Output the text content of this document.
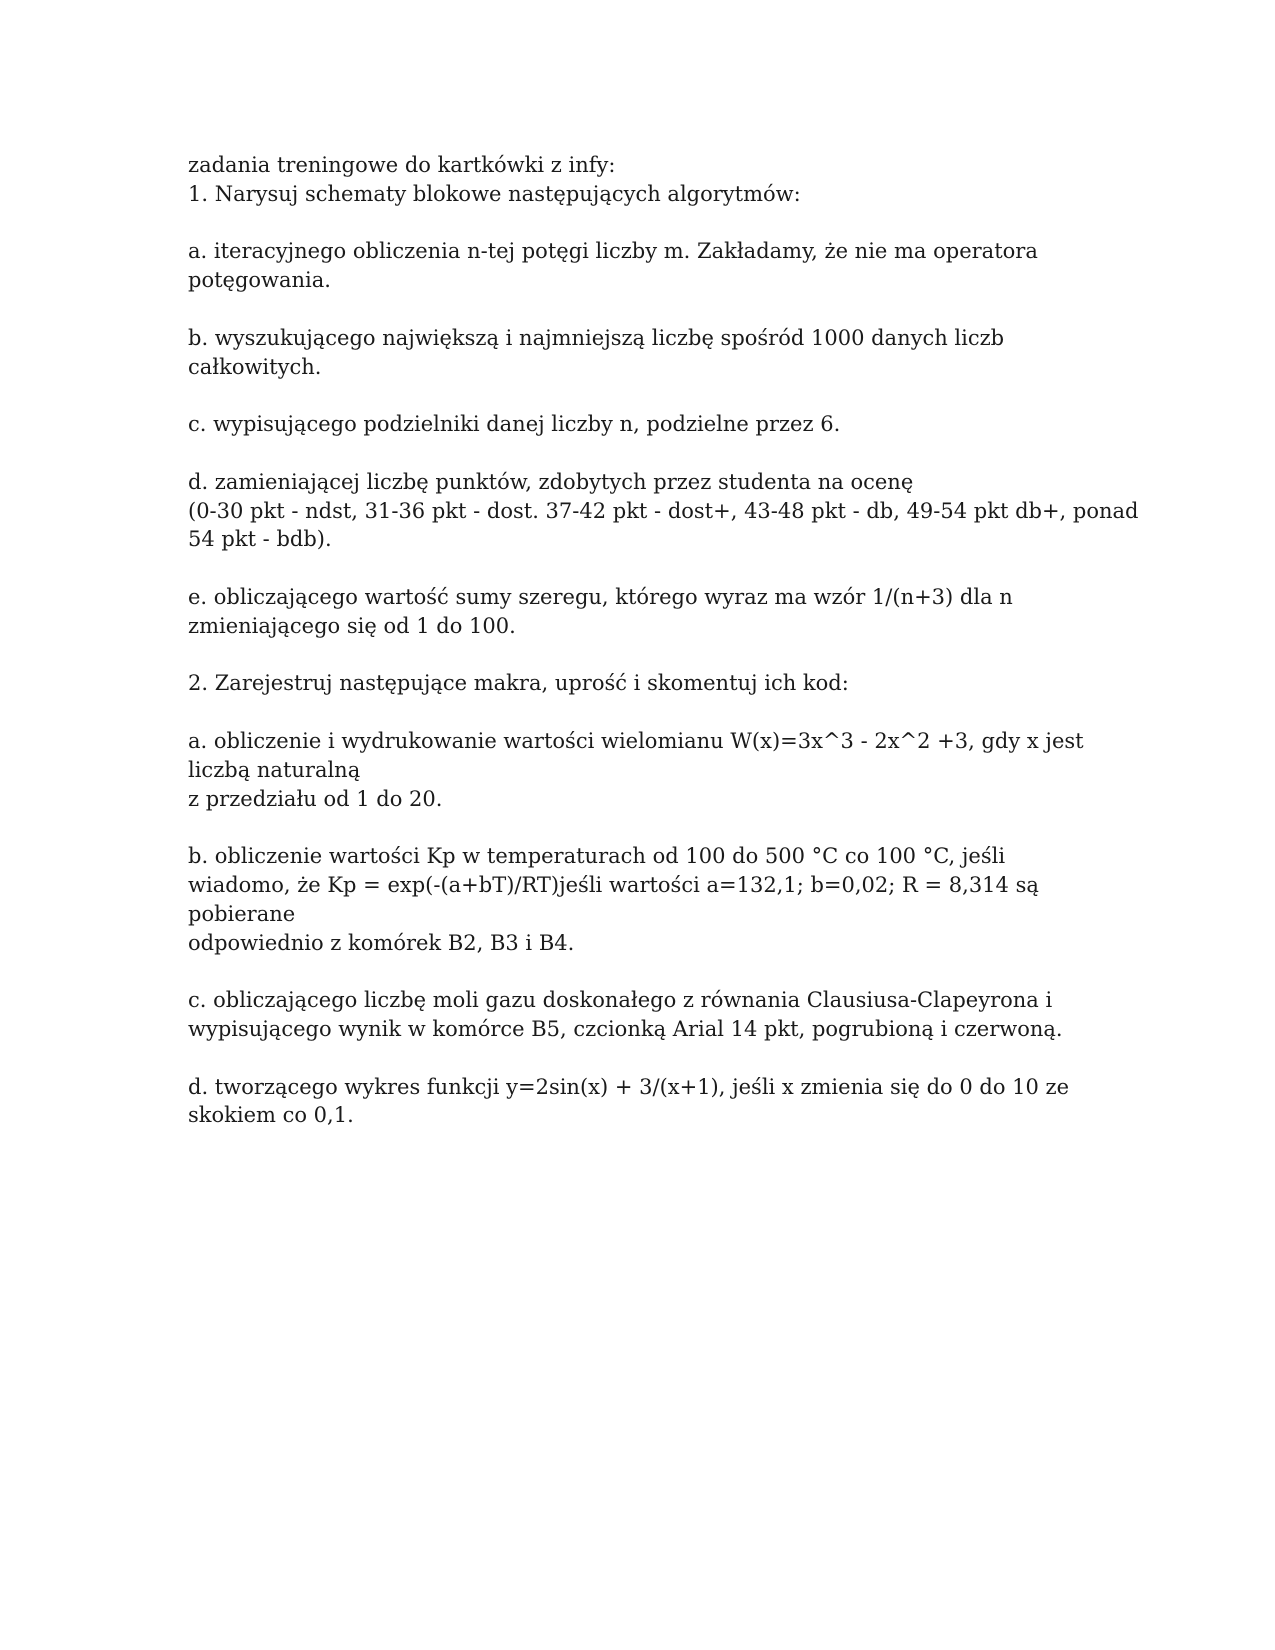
zadania treningowe do kartkówki z infy:
1. Narysuj schematy blokowe następujących algorytmów:
a. iteracyjnego obliczenia n-tej potęgi liczby m. Zakładamy, że nie ma operatora
potęgowania.
b. wyszukującego największą i najmniejszą liczbę spośród 1000 danych liczb
całkowitych.
c. wypisującego podzielniki danej liczby n, podzielne przez 6.
d. zamieniającej liczbę punktów, zdobytych przez studenta na ocenę
(0-30 pkt - ndst, 31-36 pkt - dost. 37-42 pkt - dost+, 43-48 pkt - db, 49-54 pkt db+, ponad
54 pkt - bdb).
e. obliczającego wartość sumy szeregu, którego wyraz ma wzór 1/(n+3) dla n
zmieniającego się od 1 do 100.
2. Zarejestruj następujące makra, uprość i skomentuj ich kod:
a. obliczenie i wydrukowanie wartości wielomianu W(x)=3x^3 - 2x^2 +3, gdy x jest
liczbą naturalną
z przedziału od 1 do 20.
b. obliczenie wartości Kp w temperaturach od 100 do 500 °C co 100 °C, jeśli
wiadomo, że Kp = exp(-(a+bT)/RT)jeśli wartości a=132,1; b=0,02; R = 8,314 są
pobierane
odpowiednio z komórek B2, B3 i B4.
c. obliczającego liczbę moli gazu doskonałego z równania Clausiusa-Clapeyrona i
wypisującego wynik w komórce B5, czcionką Arial 14 pkt, pogrubioną i czerwoną.
d. tworzącego wykres funkcji y=2sin(x) + 3/(x+1), jeśli x zmienia się do 0 do 10 ze
skokiem co 0,1.
